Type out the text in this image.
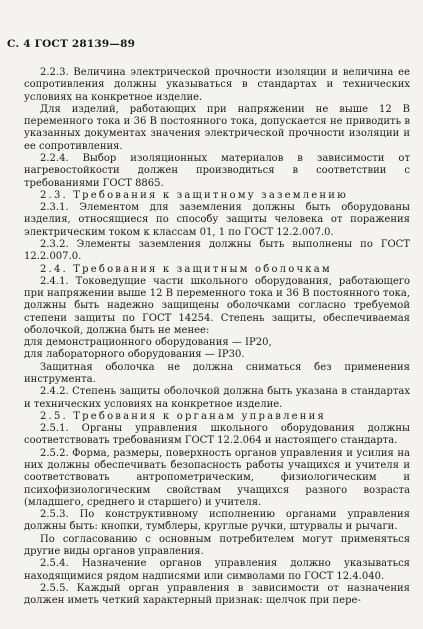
С. 4 ГОСТ 28139—89

2.2.3. Величина электрической прочности изоляции и величина ее сопротивления должны указываться в стандартах и технических условиях на конкретное изделие.

Для изделий, работающих при напряжении не выше 12 В переменного тока и 36 В постоянного тока, допускается не приводить в указанных документах значения электрической прочности изоляции и ее сопротивления.

2.2.4. Выбор изоляционных материалов в зависимости от нагревостойкости должен производиться в соответствии с требованиями ГОСТ 8865.

2.3. Требования к защитному заземлению

2.3.1. Элементом для заземления должны быть оборудованы изделия, относящиеся по способу защиты человека от поражения электрическим током к классам 01, 1 по ГОСТ 12.2.007.0.

2.3.2. Элементы заземления должны быть выполнены по ГОСТ 12.2.007.0.

2.4. Требования к защитным оболочкам

2.4.1. Токоведущие части школьного оборудования, работающего при напряжении выше 12 В переменного тока и 36 В постоянного тока, должны быть надежно защищены оболочками согласно требуемой степени защиты по ГОСТ 14254. Степень защиты, обеспечиваемая оболочкой, должна быть не менее:

для демонстрационного оборудования — IP20,

для лабораторного оборудования — IP30.

Защитная оболочка не должна сниматься без применения инструмента.

2.4.2. Степень защиты оболочкой должна быть указана в стандартах и технических условиях на конкретное изделие.

2.5. Требования к органам управления

2.5.1. Органы управления школьного оборудования должны соответствовать требованиям ГОСТ 12.2.064 и настоящего стандарта.

2.5.2. Форма, размеры, поверхность органов управления и усилия на них должны обеспечивать безопасность работы учащихся и учителя и соответствовать антропометрическим, физиологическим и психофизиологическим свойствам учащихся разного возраста (младшего, среднего и старшего) и учителя.

2.5.3. По конструктивному исполнению органами управления должны быть: кнопки, тумблеры, круглые ручки, штурвалы и рычаги.

По согласованию с основным потребителем могут применяться другие виды органов управления.

2.5.4. Назначение органов управления должно указываться находящимися рядом надписями или символами по ГОСТ 12.4.040.

2.5.5. Каждый орган управления в зависимости от назначения должен иметь четкий характерный признак: щелчок при пере-
